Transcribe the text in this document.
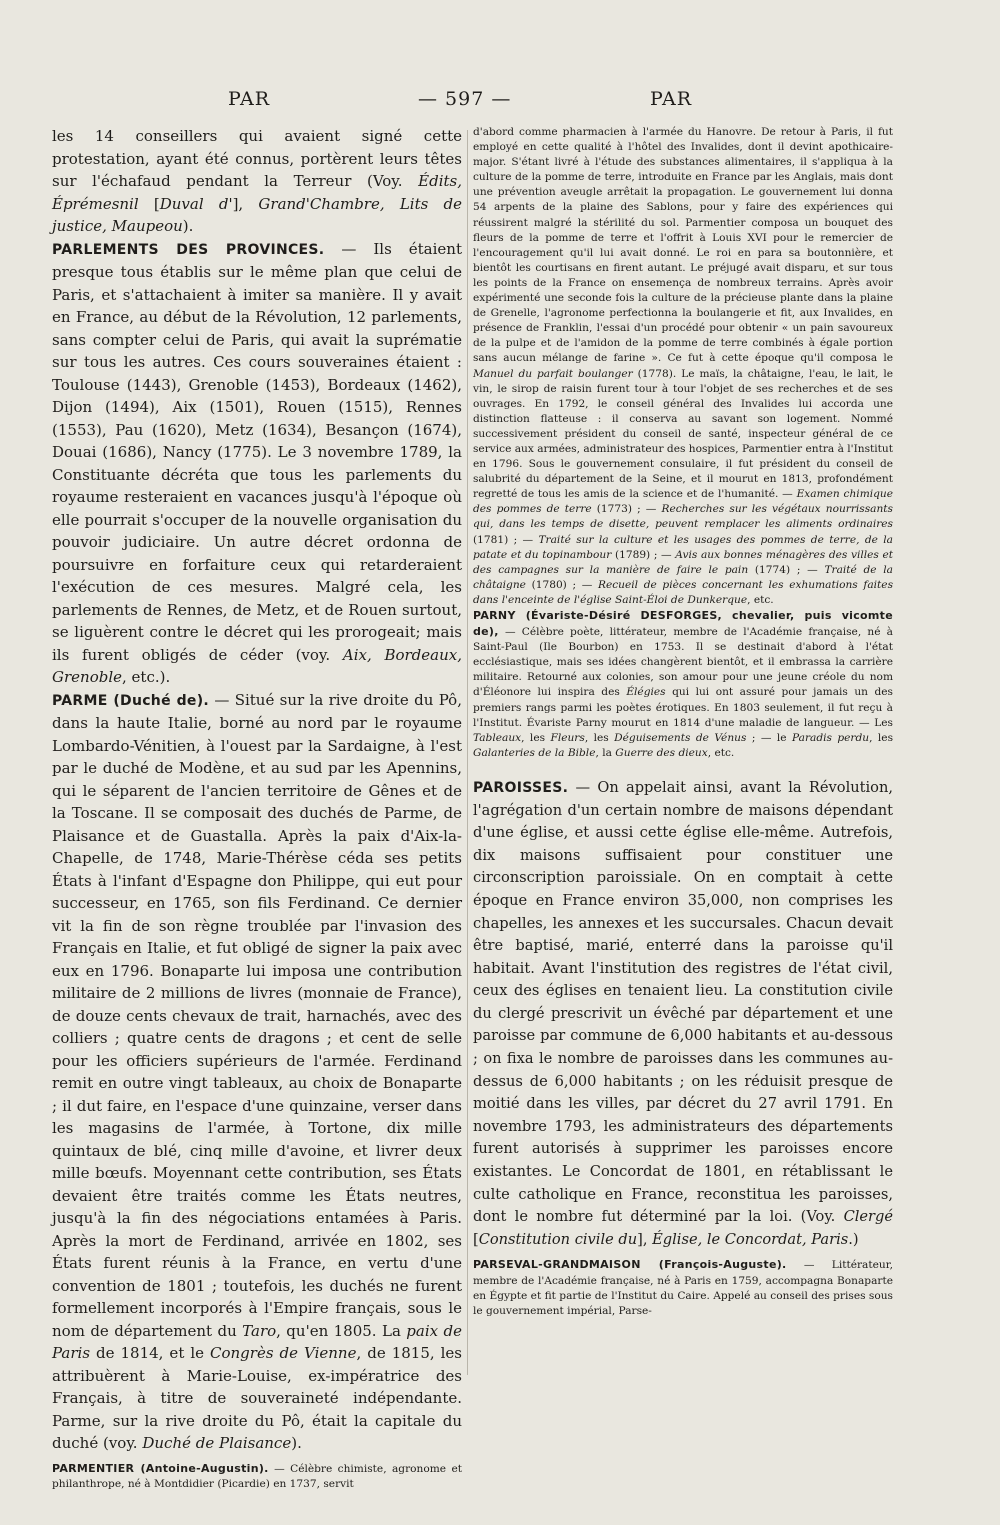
PAR	— 597 —	PAR

les 14 conseillers qui avaient signé cette protestation, ayant été connus, portèrent leurs têtes sur l'échafaud pendant la Terreur (Voy. Édits, Éprémesnil [Duval d'], Grand'Chambre, Lits de justice, Maupeou).

PARLEMENTS DES PROVINCES. — Ils étaient presque tous établis sur le même plan que celui de Paris, et s'attachaient à imiter sa manière. Il y avait en France, au début de la Révolution, 12 parlements, sans compter celui de Paris, qui avait la suprématie sur tous les autres. Ces cours souveraines étaient : Toulouse (1443), Grenoble (1453), Bordeaux (1462), Dijon (1494), Aix (1501), Rouen (1515), Rennes (1553), Pau (1620), Metz (1634), Besançon (1674), Douai (1686), Nancy (1775). Le 3 novembre 1789, la Constituante décréta que tous les parlements du royaume resteraient en vacances jusqu'à l'époque où elle pourrait s'occuper de la nouvelle organisation du pouvoir judiciaire. Un autre décret ordonna de poursuivre en forfaiture ceux qui retarderaient l'exécution de ces mesures. Malgré cela, les parlements de Rennes, de Metz, et de Rouen surtout, se liguèrent contre le décret qui les prorogeait; mais ils furent obligés de céder (voy. Aix, Bordeaux, Grenoble, etc.).

PARME (Duché de). — Situé sur la rive droite du Pô, dans la haute Italie, borné au nord par le royaume Lombardo-Vénitien, à l'ouest par la Sardaigne, à l'est par le duché de Modène, et au sud par les Apennins, qui le séparent de l'ancien territoire de Gênes et de la Toscane. Il se composait des duchés de Parme, de Plaisance et de Guastalla. Après la paix d'Aix-la-Chapelle, de 1748, Marie-Thérèse céda ses petits États à l'infant d'Espagne don Philippe, qui eut pour successeur, en 1765, son fils Ferdinand. Ce dernier vit la fin de son règne troublée par l'invasion des Français en Italie, et fut obligé de signer la paix avec eux en 1796. Bonaparte lui imposa une contribution militaire de 2 millions de livres (monnaie de France), de douze cents chevaux de trait, harnachés, avec des colliers ; quatre cents de dragons ; et cent de selle pour les officiers supérieurs de l'armée. Ferdinand remit en outre vingt tableaux, au choix de Bonaparte ; il dut faire, en l'espace d'une quinzaine, verser dans les magasins de l'armée, à Tortone, dix mille quintaux de blé, cinq mille d'avoine, et livrer deux mille bœufs. Moyennant cette contribution, ses États devaient être traités comme les États neutres, jusqu'à la fin des négociations entamées à Paris. Après la mort de Ferdinand, arrivée en 1802, ses États furent réunis à la France, en vertu d'une convention de 1801 ; toutefois, les duchés ne furent formellement incorporés à l'Empire français, sous le nom de département du Taro, qu'en 1805. La paix de Paris de 1814, et le Congrès de Vienne, de 1815, les attribuèrent à Marie-Louise, ex-impératrice des Français, à titre de souveraineté indépendante. Parme, sur la rive droite du Pô, était la capitale du duché (voy. Duché de Plaisance).

PARMENTIER (Antoine-Augustin). — Célèbre chimiste, agronome et philanthrope, né à Montdidier (Picardie) en 1737, servit

d'abord comme pharmacien à l'armée du Hanovre. De retour à Paris, il fut employé en cette qualité à l'hôtel des Invalides, dont il devint apothicaire-major. S'étant livré à l'étude des substances alimentaires, il s'appliqua à la culture de la pomme de terre, introduite en France par les Anglais, mais dont une prévention aveugle arrêtait la propagation. Le gouvernement lui donna 54 arpents de la plaine des Sablons, pour y faire des expériences qui réussirent malgré la stérilité du sol. Parmentier composa un bouquet des fleurs de la pomme de terre et l'offrit à Louis XVI pour le remercier de l'encouragement qu'il lui avait donné. Le roi en para sa boutonnière, et bientôt les courtisans en firent autant. Le préjugé avait disparu, et sur tous les points de la France on ensemença de nombreux terrains. Après avoir expérimenté une seconde fois la culture de la précieuse plante dans la plaine de Grenelle, l'agronome perfectionna la boulangerie et fit, aux Invalides, en présence de Franklin, l'essai d'un procédé pour obtenir « un pain savoureux de la pulpe et de l'amidon de la pomme de terre combinés à égale portion sans aucun mélange de farine ». Ce fut à cette époque qu'il composa le Manuel du parfait boulanger (1778). Le maïs, la châtaigne, l'eau, le lait, le vin, le sirop de raisin furent tour à tour l'objet de ses recherches et de ses ouvrages. En 1792, le conseil général des Invalides lui accorda une distinction flatteuse : il conserva au savant son logement. Nommé successivement président du conseil de santé, inspecteur général de ce service aux armées, administrateur des hospices, Parmentier entra à l'Institut en 1796. Sous le gouvernement consulaire, il fut président du conseil de salubrité du département de la Seine, et il mourut en 1813, profondément regretté de tous les amis de la science et de l'humanité. — Examen chimique des pommes de terre (1773) ; — Recherches sur les végétaux nourrissants qui, dans les temps de disette, peuvent remplacer les aliments ordinaires (1781) ; — Traité sur la culture et les usages des pommes de terre, de la patate et du topinambour (1789) ; — Avis aux bonnes ménagères des villes et des campagnes sur la manière de faire le pain (1774) ; — Traité de la châtaigne (1780) ; — Recueil de pièces concernant les exhumations faites dans l'enceinte de l'église Saint-Éloi de Dunkerque, etc.

PARNY (Évariste-Désiré DESFORGES, chevalier, puis vicomte de), — Célèbre poète, littérateur, membre de l'Académie française, né à Saint-Paul (Ile Bourbon) en 1753. Il se destinait d'abord à l'état ecclésiastique, mais ses idées changèrent bientôt, et il embrassa la carrière militaire. Retourné aux colonies, son amour pour une jeune créole du nom d'Éléonore lui inspira des Élégies qui lui ont assuré pour jamais un des premiers rangs parmi les poètes érotiques. En 1803 seulement, il fut reçu à l'Institut. Évariste Parny mourut en 1814 d'une maladie de langueur. — Les Tableaux, les Fleurs, les Déguisements de Vénus ; — le Paradis perdu, les Galanteries de la Bible, la Guerre des dieux, etc.

PAROISSES. — On appelait ainsi, avant la Révolution, l'agrégation d'un certain nombre de maisons dépendant d'une église, et aussi cette église elle-même. Autrefois, dix maisons suffisaient pour constituer une circonscription paroissiale. On en comptait à cette époque en France environ 35,000, non comprises les chapelles, les annexes et les succursales. Chacun devait être baptisé, marié, enterré dans la paroisse qu'il habitait. Avant l'institution des registres de l'état civil, ceux des églises en tenaient lieu. La constitution civile du clergé prescrivit un évêché par département et une paroisse par commune de 6,000 habitants et au-dessous ; on fixa le nombre de paroisses dans les communes au-dessus de 6,000 habitants ; on les réduisit presque de moitié dans les villes, par décret du 27 avril 1791. En novembre 1793, les administrateurs des départements furent autorisés à supprimer les paroisses encore existantes. Le Concordat de 1801, en rétablissant le culte catholique en France, reconstitua les paroisses, dont le nombre fut déterminé par la loi. (Voy. Clergé [Constitution civile du], Église, le Concordat, Paris.)

PARSEVAL-GRANDMAISON (François-Auguste). — Littérateur, membre de l'Académie française, né à Paris en 1759, accompagna Bonaparte en Égypte et fit partie de l'Institut du Caire. Appelé au conseil des prises sous le gouvernement impérial, Parse-
